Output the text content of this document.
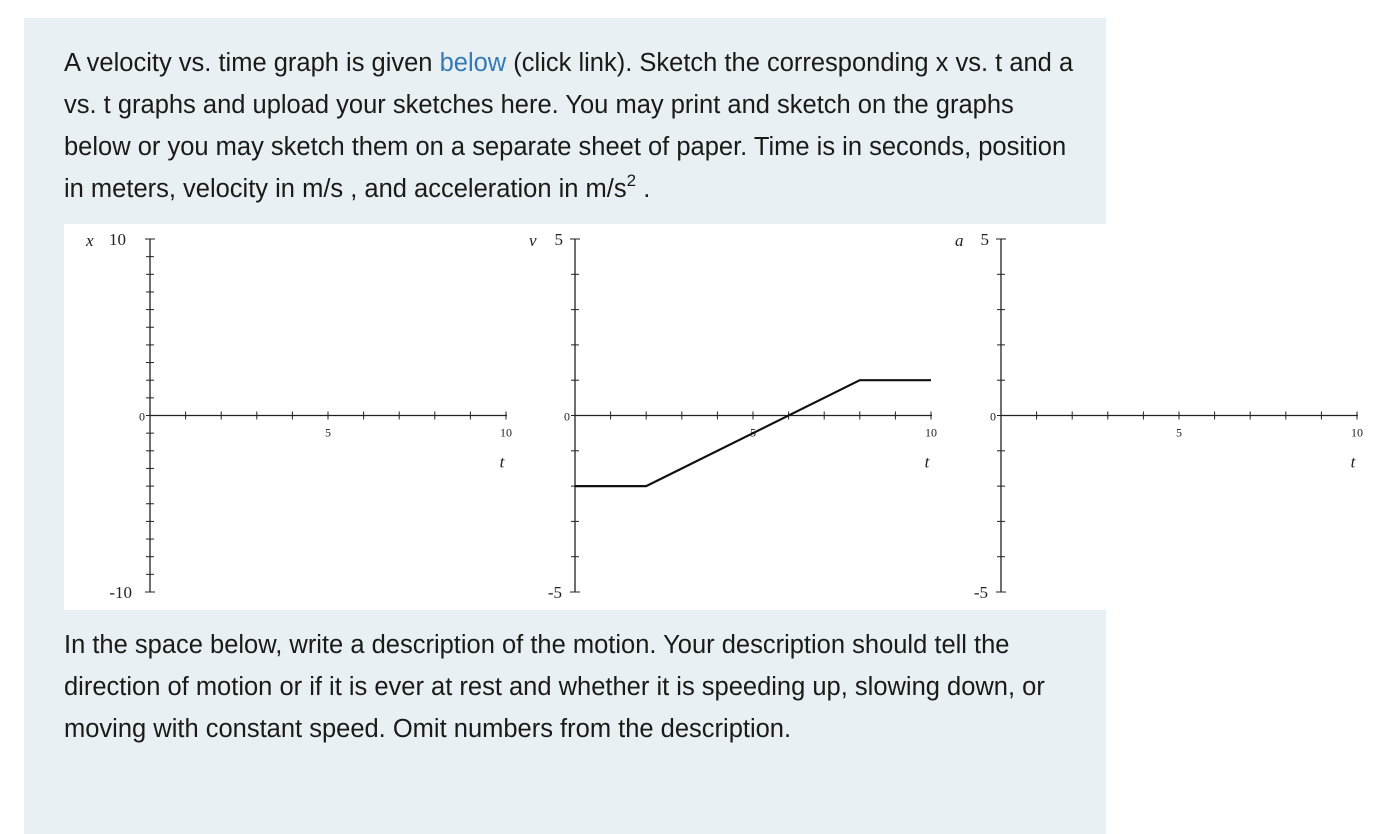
A velocity vs. time graph is given below (click link). Sketch the corresponding x vs. t and a vs. t graphs and upload your sketches here. You may print and sketch on the graphs below or you may sketch them on a separate sheet of paper. Time is in seconds, position in meters, velocity in m/s , and acceleration in $m/s^2$ .

x
t
10
0
-10
5	10
v
t
5
0
-5
5	10
a
t
5
0
-5
5	10

In the space below, write a description of the motion. Your description should tell the direction of motion or if it is ever at rest and whether it is speeding up, slowing down, or moving with constant speed. Omit numbers from the description.
